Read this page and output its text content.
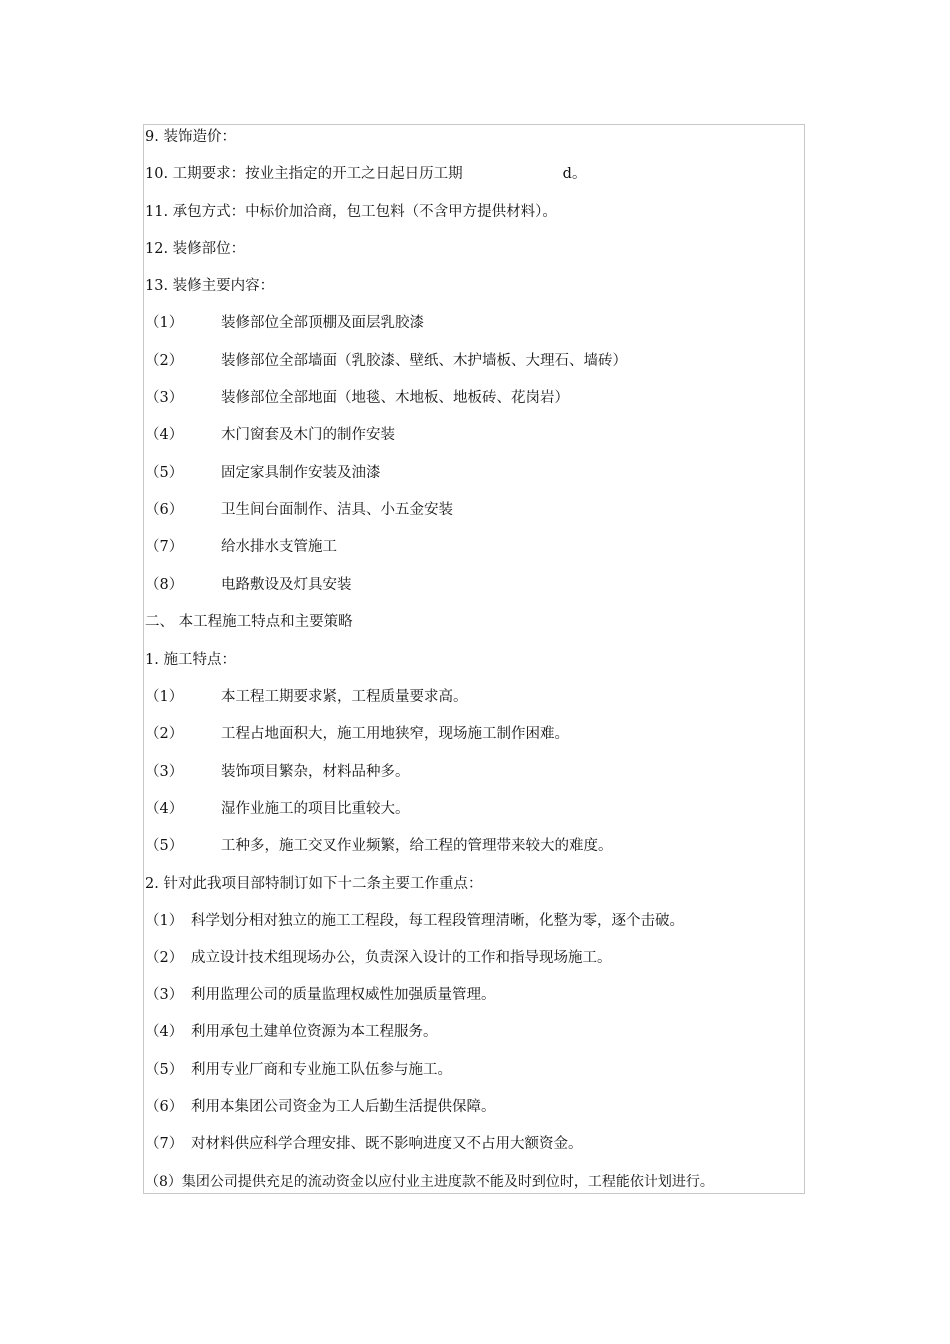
9. 装饰造价：
10. 工期要求：按业主指定的开工之日起日历工期	d。
11. 承包方式：中标价加洽商，包工包料（不含甲方提供材料）。
12. 装修部位：
13. 装修主要内容：
（1）	装修部位全部顶棚及面层乳胶漆
（2）	装修部位全部墙面（乳胶漆、壁纸、木护墙板、大理石、墙砖）
（3）	装修部位全部地面（地毯、木地板、地板砖、花岗岩）
（4）	木门窗套及木门的制作安装
（5）	固定家具制作安装及油漆
（6）	卫生间台面制作、洁具、小五金安装
（7）	给水排水支管施工
（8）	电路敷设及灯具安装
二、 本工程施工特点和主要策略
1. 施工特点：
（1）	本工程工期要求紧，工程质量要求高。
（2）	工程占地面积大，施工用地狭窄，现场施工制作困难。
（3）	装饰项目繁杂，材料品种多。
（4）	湿作业施工的项目比重较大。
（5）	工种多，施工交叉作业频繁，给工程的管理带来较大的难度。
2. 针对此我项目部特制订如下十二条主要工作重点：
（1） 科学划分相对独立的施工工程段，每工程段管理清晰，化整为零，逐个击破。
（2） 成立设计技术组现场办公，负责深入设计的工作和指导现场施工。
（3） 利用监理公司的质量监理权威性加强质量管理。
（4） 利用承包土建单位资源为本工程服务。
（5） 利用专业厂商和专业施工队伍参与施工。
（6） 利用本集团公司资金为工人后勤生活提供保障。
（7） 对材料供应科学合理安排、既不影响进度又不占用大额资金。
（8）集团公司提供充足的流动资金以应付业主进度款不能及时到位时，工程能依计划进行。
